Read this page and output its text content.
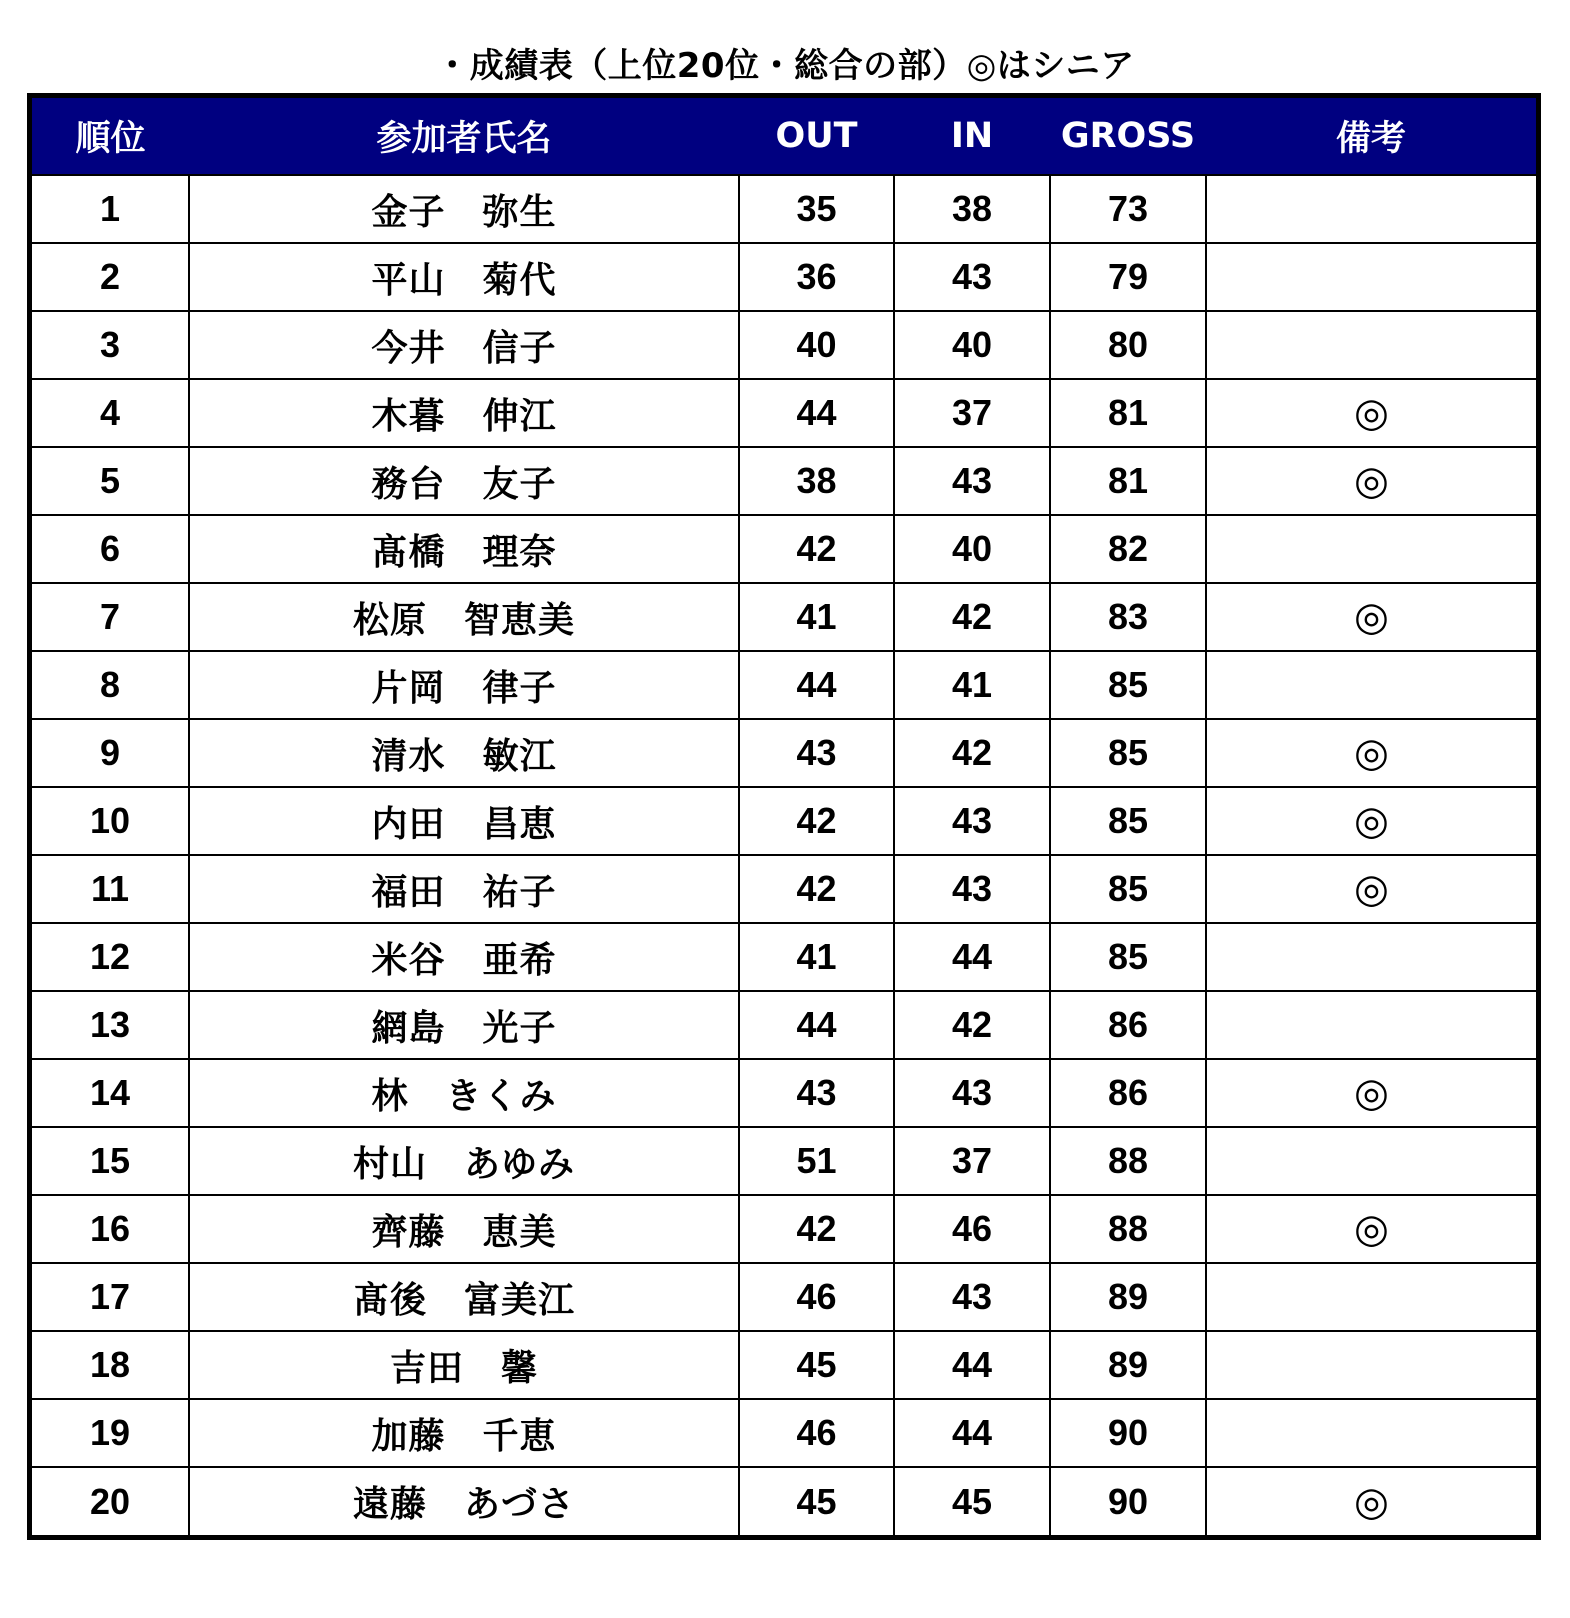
・成績表（上位20位・総合の部）◎はシニア
順位	参加者氏名	OUT	IN	GROSS	備考
1	金子　弥生	35	38	73	
2	平山　菊代	36	43	79	
3	今井　信子	40	40	80	
4	木暮　伸江	44	37	81	◎
5	務台　友子	38	43	81	◎
6	髙橋　理奈	42	40	82	
7	松原　智恵美	41	42	83	◎
8	片岡　律子	44	41	85	
9	清水　敏江	43	42	85	◎
10	内田　昌恵	42	43	85	◎
11	福田　祐子	42	43	85	◎
12	米谷　亜希	41	44	85	
13	網島　光子	44	42	86	
14	林　きくみ	43	43	86	◎
15	村山　あゆみ	51	37	88	
16	齊藤　恵美	42	46	88	◎
17	髙後　富美江	46	43	89	
18	吉田　馨	45	44	89	
19	加藤　千恵	46	44	90	
20	遠藤　あづさ	45	45	90	◎
